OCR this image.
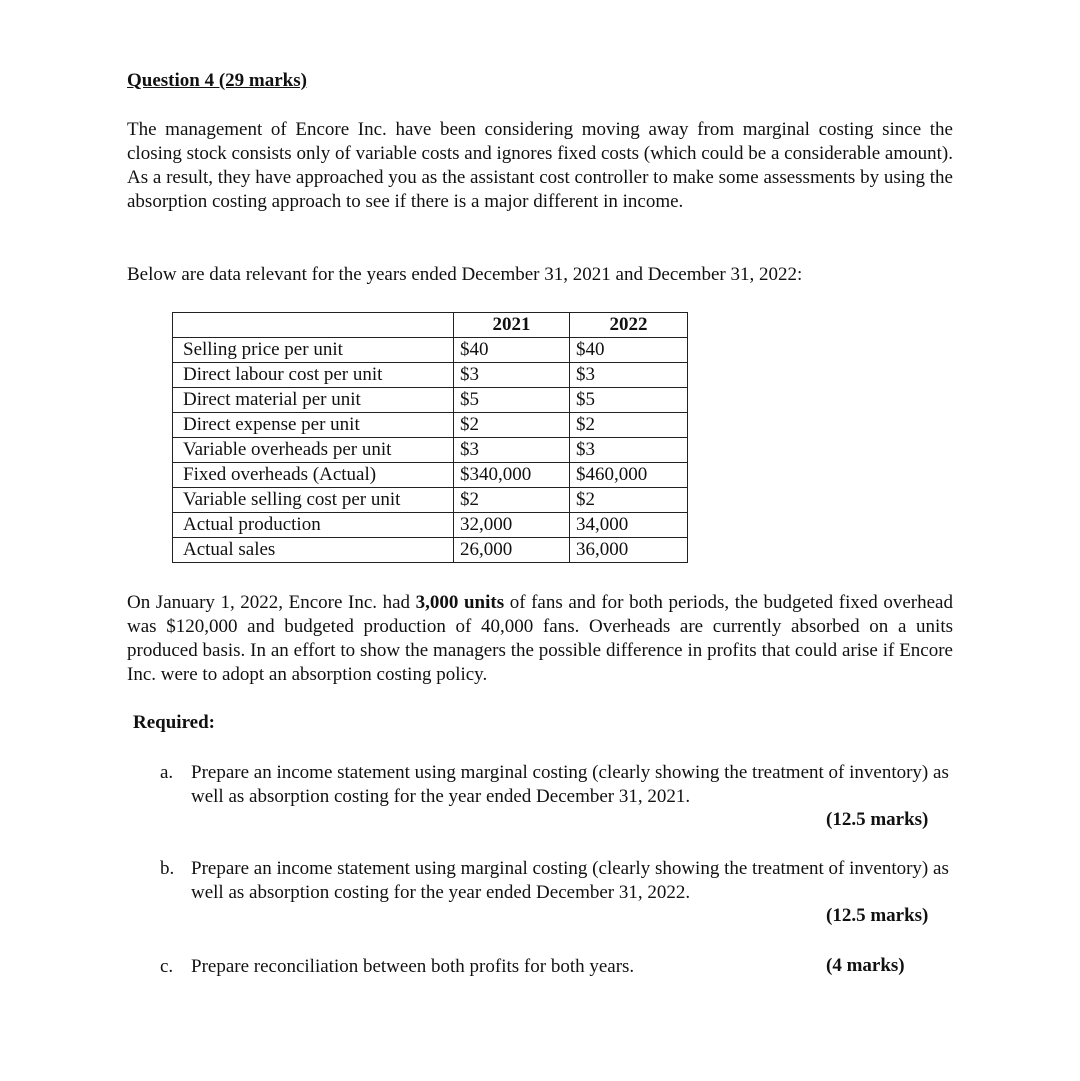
Question 4 (29 marks)

The management of Encore Inc. have been considering moving away from marginal costing since the closing stock consists only of variable costs and ignores fixed costs (which could be a considerable amount). As a result, they have approached you as the assistant cost controller to make some assessments by using the absorption costing approach to see if there is a major different in income.

Below are data relevant for the years ended December 31, 2021 and December 31, 2022:

	2021	2022
Selling price per unit	$40	$40
Direct labour cost per unit	$3	$3
Direct material per unit	$5	$5
Direct expense per unit	$2	$2
Variable overheads per unit	$3	$3
Fixed overheads (Actual)	$340,000	$460,000
Variable selling cost per unit	$2	$2
Actual production	32,000	34,000
Actual sales	26,000	36,000

On January 1, 2022, Encore Inc. had 3,000 units of fans and for both periods, the budgeted fixed overhead was $120,000 and budgeted production of 40,000 fans. Overheads are currently absorbed on a units produced basis. In an effort to show the managers the possible difference in profits that could arise if Encore Inc. were to adopt an absorption costing policy.

Required:

a. Prepare an income statement using marginal costing (clearly showing the treatment of inventory) as well as absorption costing for the year ended December 31, 2021.

(12.5 marks)

b. Prepare an income statement using marginal costing (clearly showing the treatment of inventory) as well as absorption costing for the year ended December 31, 2022.

(12.5 marks)

c. Prepare reconciliation between both profits for both years.	(4 marks)
